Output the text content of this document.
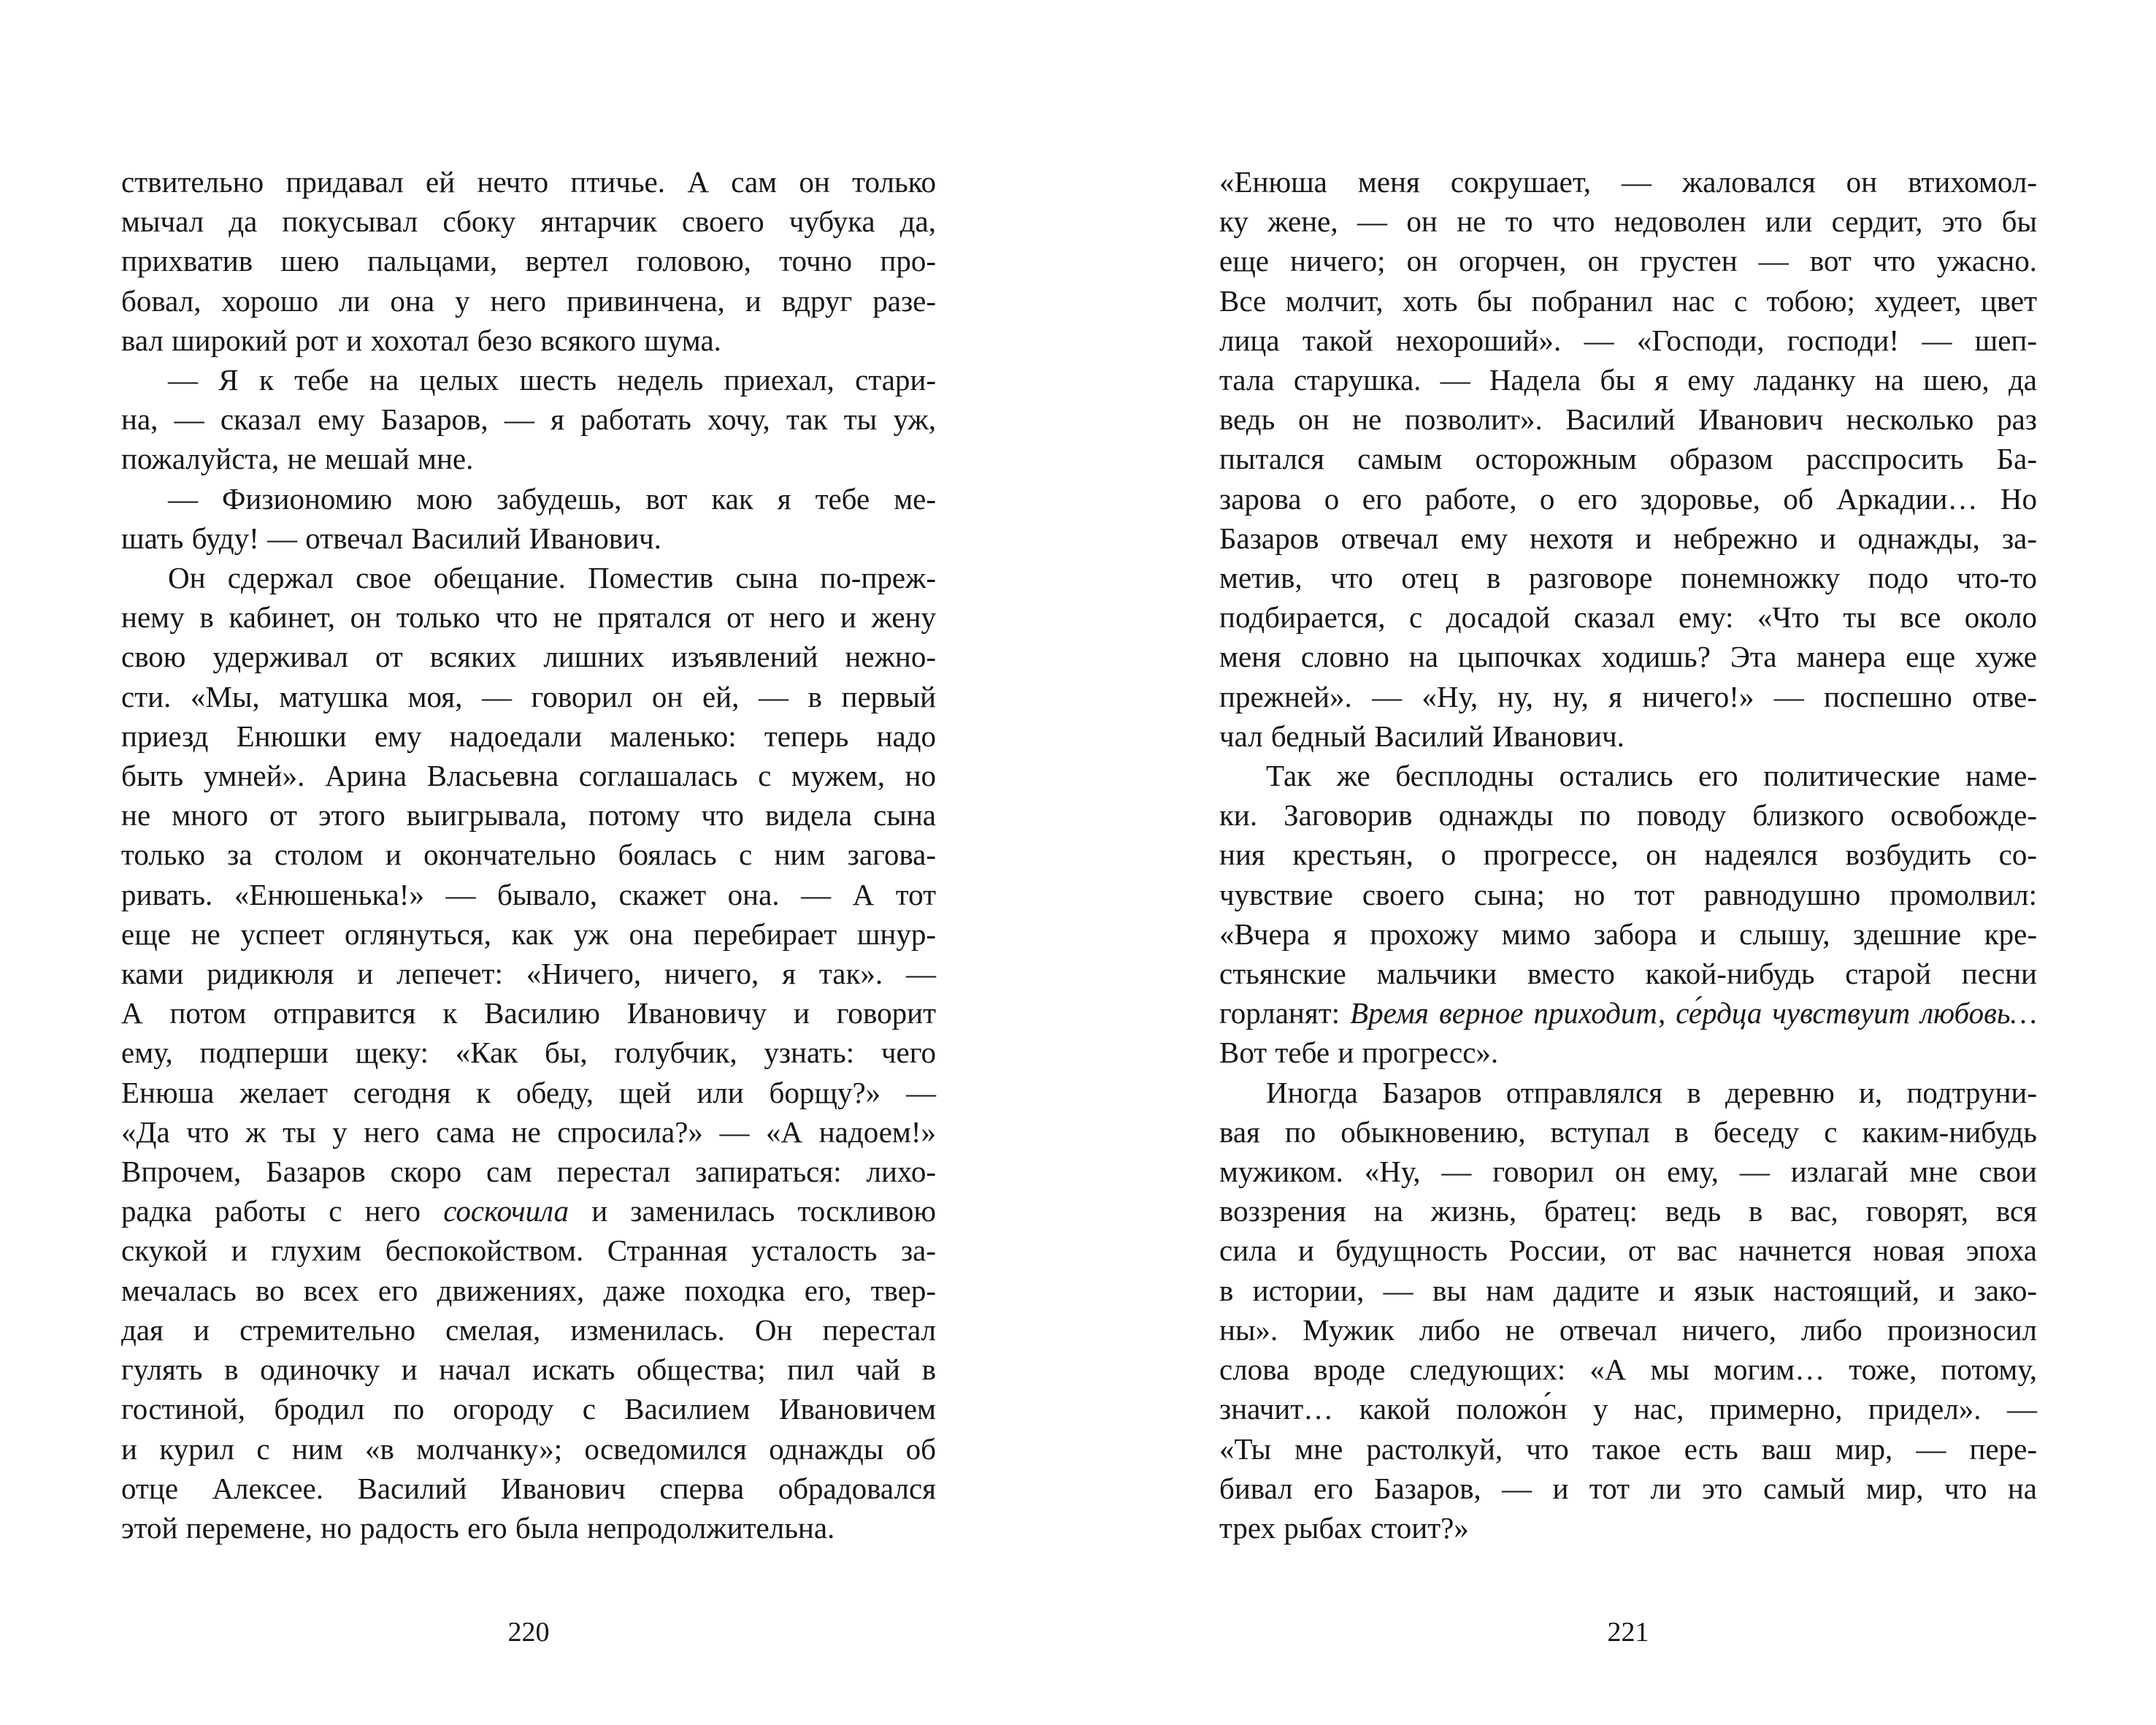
ствительно придавал ей нечто птичье. А сам он только
мычал да покусывал сбоку янтарчик своего чубука да,
прихватив шею пальцами, вертел головою, точно про-
бовал, хорошо ли она у него привинчена, и вдруг разе-
вал широкий рот и хохотал безо всякого шума.
— Я к тебе на целых шесть недель приехал, стари-
на, — сказал ему Базаров, — я работать хочу, так ты уж,
пожалуйста, не мешай мне.
— Физиономию мою забудешь, вот как я тебе ме-
шать буду! — отвечал Василий Иванович.
Он сдержал свое обещание. Поместив сына по-преж-
нему в кабинет, он только что не прятался от него и жену
свою удерживал от всяких лишних изъявлений нежно-
сти. «Мы, матушка моя, — говорил он ей, — в первый
приезд Енюшки ему надоедали маленько: теперь надо
быть умней». Арина Власьевна соглашалась с мужем, но
не много от этого выигрывала, потому что видела сына
только за столом и окончательно боялась с ним загова-
ривать. «Енюшенька!» — бывало, скажет она. — А тот
еще не успеет оглянуться, как уж она перебирает шнур-
ками ридикюля и лепечет: «Ничего, ничего, я так». —
А потом отправится к Василию Ивановичу и говорит
ему, подперши щеку: «Как бы, голубчик, узнать: чего
Енюша желает сегодня к обеду, щей или борщу?» —
«Да что ж ты у него сама не спросила?» — «А надоем!»
Впрочем, Базаров скоро сам перестал запираться: лихо-
радка работы с него соскочила и заменилась тоскливою
скукой и глухим беспокойством. Странная усталость за-
мечалась во всех его движениях, даже походка его, твер-
дая и стремительно смелая, изменилась. Он перестал
гулять в одиночку и начал искать общества; пил чай в
гостиной, бродил по огороду с Василием Ивановичем
и курил с ним «в молчанку»; осведомился однажды об
отце Алексее. Василий Иванович сперва обрадовался
этой перемене, но радость его была непродолжительна.
220
«Енюша меня сокрушает, — жаловался он втихомол-
ку жене, — он не то что недоволен или сердит, это бы
еще ничего; он огорчен, он грустен — вот что ужасно.
Все молчит, хоть бы побранил нас с тобою; худеет, цвет
лица такой нехороший». — «Господи, господи! — шеп-
тала старушка. — Надела бы я ему ладанку на шею, да
ведь он не позволит». Василий Иванович несколько раз
пытался самым осторожным образом расспросить Ба-
зарова о его работе, о его здоровье, об Аркадии… Но
Базаров отвечал ему нехотя и небрежно и однажды, за-
метив, что отец в разговоре понемножку подо что-то
подбирается, с досадой сказал ему: «Что ты все около
меня словно на цыпочках ходишь? Эта манера еще хуже
прежней». — «Ну, ну, ну, я ничего!» — поспешно отве-
чал бедный Василий Иванович.
Так же бесплодны остались его политические наме-
ки. Заговорив однажды по поводу близкого освобожде-
ния крестьян, о прогрессе, он надеялся возбудить со-
чувствие своего сына; но тот равнодушно промолвил:
«Вчера я прохожу мимо забора и слышу, здешние кре-
стьянские мальчики вместо какой-нибудь старой песни
горланят: Время верное приходит, се́рдца чувствуит любовь…
Вот тебе и прогресс».
Иногда Базаров отправлялся в деревню и, подтруни-
вая по обыкновению, вступал в беседу с каким-нибудь
мужиком. «Ну, — говорил он ему, — излагай мне свои
воззрения на жизнь, братец: ведь в вас, говорят, вся
сила и будущность России, от вас начнется новая эпоха
в истории, — вы нам дадите и язык настоящий, и зако-
ны». Мужик либо не отвечал ничего, либо произносил
слова вроде следующих: «А мы могим… тоже, потому,
значит… какой положо́н у нас, примерно, придел». —
«Ты мне растолкуй, что такое есть ваш мир, — пере-
бивал его Базаров, — и тот ли это самый мир, что на
трех рыбах стоит?»
221
